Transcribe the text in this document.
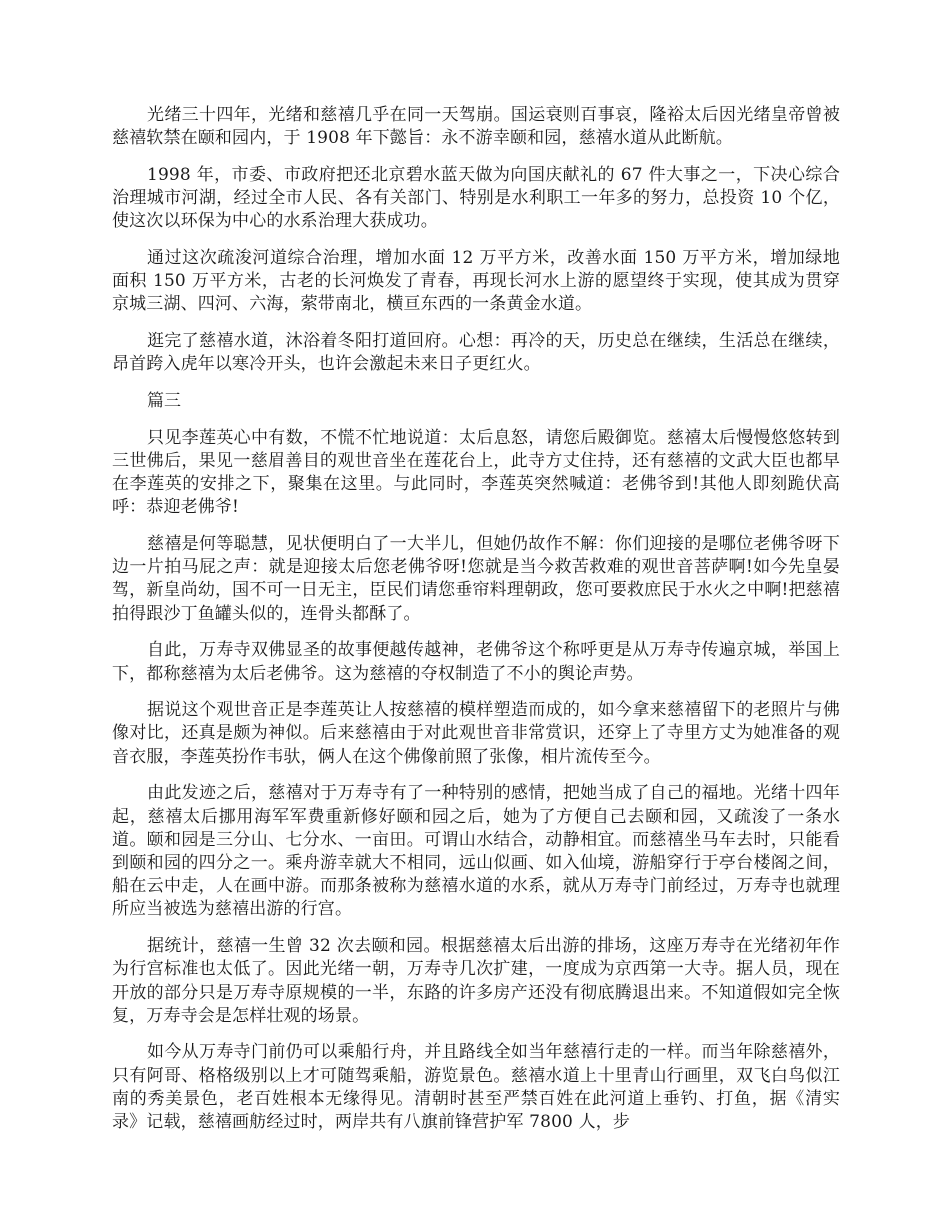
光绪三十四年，光绪和慈禧几乎在同一天驾崩。国运衰则百事哀，隆裕太后因光绪皇帝曾被慈禧软禁在颐和园内，于 1908 年下懿旨：永不游幸颐和园，慈禧水道从此断航。

1998 年，市委、市政府把还北京碧水蓝天做为向国庆献礼的 67 件大事之一，下决心综合治理城市河湖，经过全市人民、各有关部门、特别是水利职工一年多的努力，总投资 10 个亿，使这次以环保为中心的水系治理大获成功。

通过这次疏浚河道综合治理，增加水面 12 万平方米，改善水面 150 万平方米，增加绿地面积 150 万平方米，古老的长河焕发了青春，再现长河水上游的愿望终于实现，使其成为贯穿京城三湖、四河、六海，萦带南北，横亘东西的一条黄金水道。

逛完了慈禧水道，沐浴着冬阳打道回府。心想：再冷的天，历史总在继续，生活总在继续，昂首跨入虎年以寒冷开头，也许会激起未来日子更红火。

篇三

只见李莲英心中有数，不慌不忙地说道：太后息怒，请您后殿御览。慈禧太后慢慢悠悠转到三世佛后，果见一慈眉善目的观世音坐在莲花台上，此寺方丈住持，还有慈禧的文武大臣也都早在李莲英的安排之下，聚集在这里。与此同时，李莲英突然喊道：老佛爷到!其他人即刻跪伏高呼：恭迎老佛爷!

慈禧是何等聪慧，见状便明白了一大半儿，但她仍故作不解：你们迎接的是哪位老佛爷呀下边一片拍马屁之声：就是迎接太后您老佛爷呀!您就是当今救苦救难的观世音菩萨啊!如今先皇晏驾，新皇尚幼，国不可一日无主，臣民们请您垂帘料理朝政，您可要救庶民于水火之中啊!把慈禧拍得跟沙丁鱼罐头似的，连骨头都酥了。

自此，万寿寺双佛显圣的故事便越传越神，老佛爷这个称呼更是从万寿寺传遍京城，举国上下，都称慈禧为太后老佛爷。这为慈禧的夺权制造了不小的舆论声势。

据说这个观世音正是李莲英让人按慈禧的模样塑造而成的，如今拿来慈禧留下的老照片与佛像对比，还真是颇为神似。后来慈禧由于对此观世音非常赏识，还穿上了寺里方丈为她准备的观音衣服，李莲英扮作韦驮，俩人在这个佛像前照了张像，相片流传至今。

由此发迹之后，慈禧对于万寿寺有了一种特别的感情，把她当成了自己的福地。光绪十四年起，慈禧太后挪用海军军费重新修好颐和园之后，她为了方便自己去颐和园，又疏浚了一条水道。颐和园是三分山、七分水、一亩田。可谓山水结合，动静相宜。而慈禧坐马车去时，只能看到颐和园的四分之一。乘舟游幸就大不相同，远山似画、如入仙境，游船穿行于亭台楼阁之间，船在云中走，人在画中游。而那条被称为慈禧水道的水系，就从万寿寺门前经过，万寿寺也就理所应当被选为慈禧出游的行宫。

据统计，慈禧一生曾 32 次去颐和园。根据慈禧太后出游的排场，这座万寿寺在光绪初年作为行宫标准也太低了。因此光绪一朝，万寿寺几次扩建，一度成为京西第一大寺。据人员，现在开放的部分只是万寿寺原规模的一半，东路的许多房产还没有彻底腾退出来。不知道假如完全恢复，万寿寺会是怎样壮观的场景。

如今从万寿寺门前仍可以乘船行舟，并且路线全如当年慈禧行走的一样。而当年除慈禧外，只有阿哥、格格级别以上才可随驾乘船，游览景色。慈禧水道上十里青山行画里，双飞白鸟似江南的秀美景色，老百姓根本无缘得见。清朝时甚至严禁百姓在此河道上垂钓、打鱼，据《清实录》记载，慈禧画舫经过时，两岸共有八旗前锋营护军 7800 人，步
